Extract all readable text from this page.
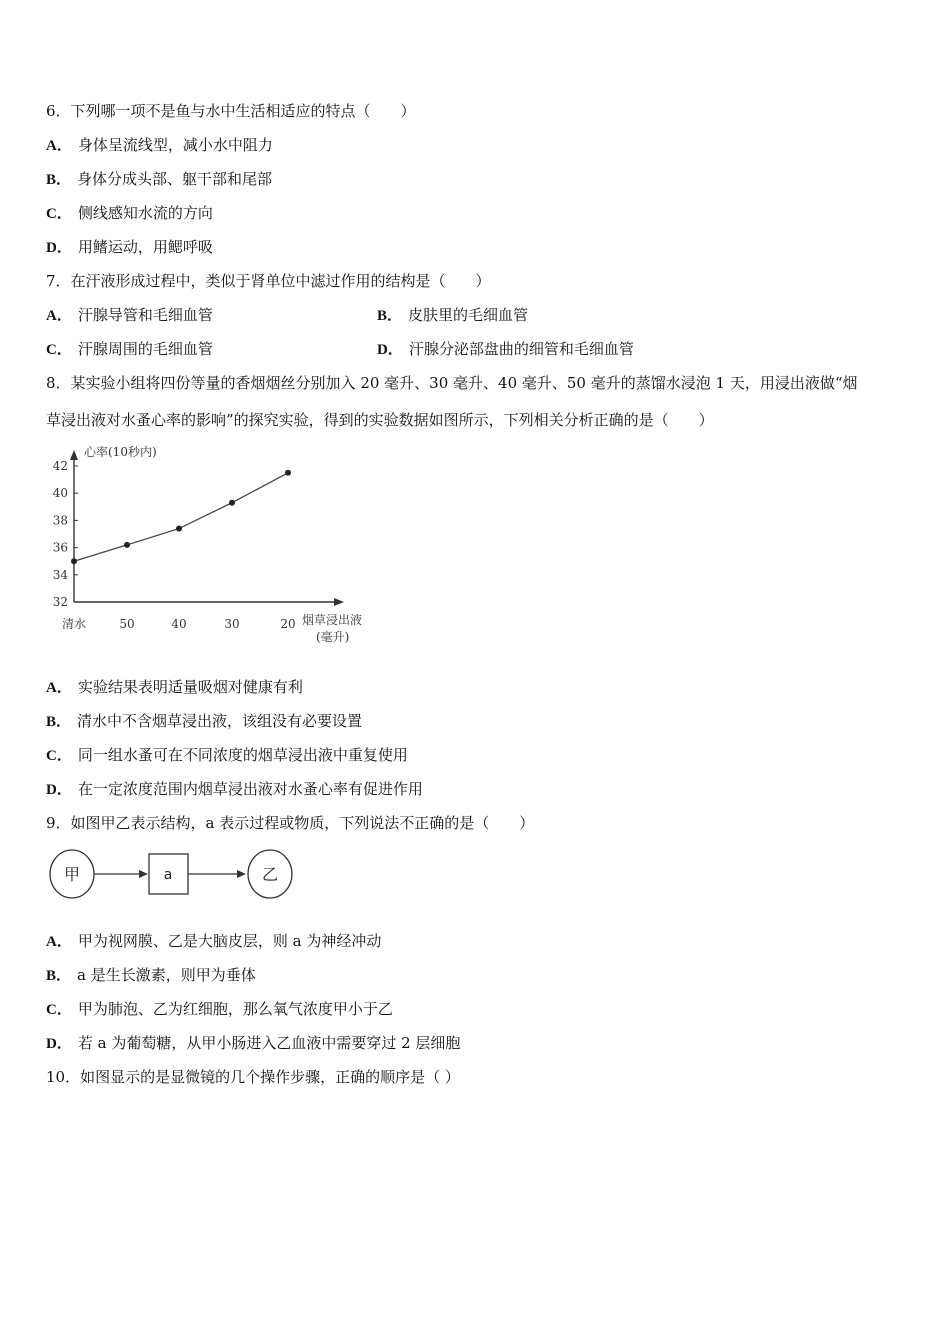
6．下列哪一项不是鱼与水中生活相适应的特点（　　）
A． 身体呈流线型，减小水中阻力
B． 身体分成头部、躯干部和尾部
C． 侧线感知水流的方向
D． 用鳍运动，用鳃呼吸
7．在汗液形成过程中，类似于肾单位中滤过作用的结构是（　　）
A． 汗腺导管和毛细血管	B． 皮肤里的毛细血管
C． 汗腺周围的毛细血管	D． 汗腺分泌部盘曲的细管和毛细血管
8．某实验小组将四份等量的香烟烟丝分别加入 20 毫升、30 毫升、40 毫升、50 毫升的蒸馏水浸泡 1 天，用浸出液做“烟
草浸出液对水蚤心率的影响”的探究实验，得到的实验数据如图所示，下列相关分析正确的是（　　）
心率(10秒内)
烟草浸出液
(毫升)
32
34
36
38
40
42
清水	50	40	30	20
A． 实验结果表明适量吸烟对健康有利
B． 清水中不含烟草浸出液，该组没有必要设置
C． 同一组水蚤可在不同浓度的烟草浸出液中重复使用
D． 在一定浓度范围内烟草浸出液对水蚤心率有促进作用
9．如图甲乙表示结构，a 表示过程或物质，下列说法不正确的是（　　）
甲	a	乙
A． 甲为视网膜、乙是大脑皮层，则 a 为神经冲动
B． a 是生长激素，则甲为垂体
C． 甲为肺泡、乙为红细胞，那么氧气浓度甲小于乙
D． 若 a 为葡萄糖，从甲小肠进入乙血液中需要穿过 2 层细胞
10．如图显示的是显微镜的几个操作步骤，正确的顺序是（ ）
